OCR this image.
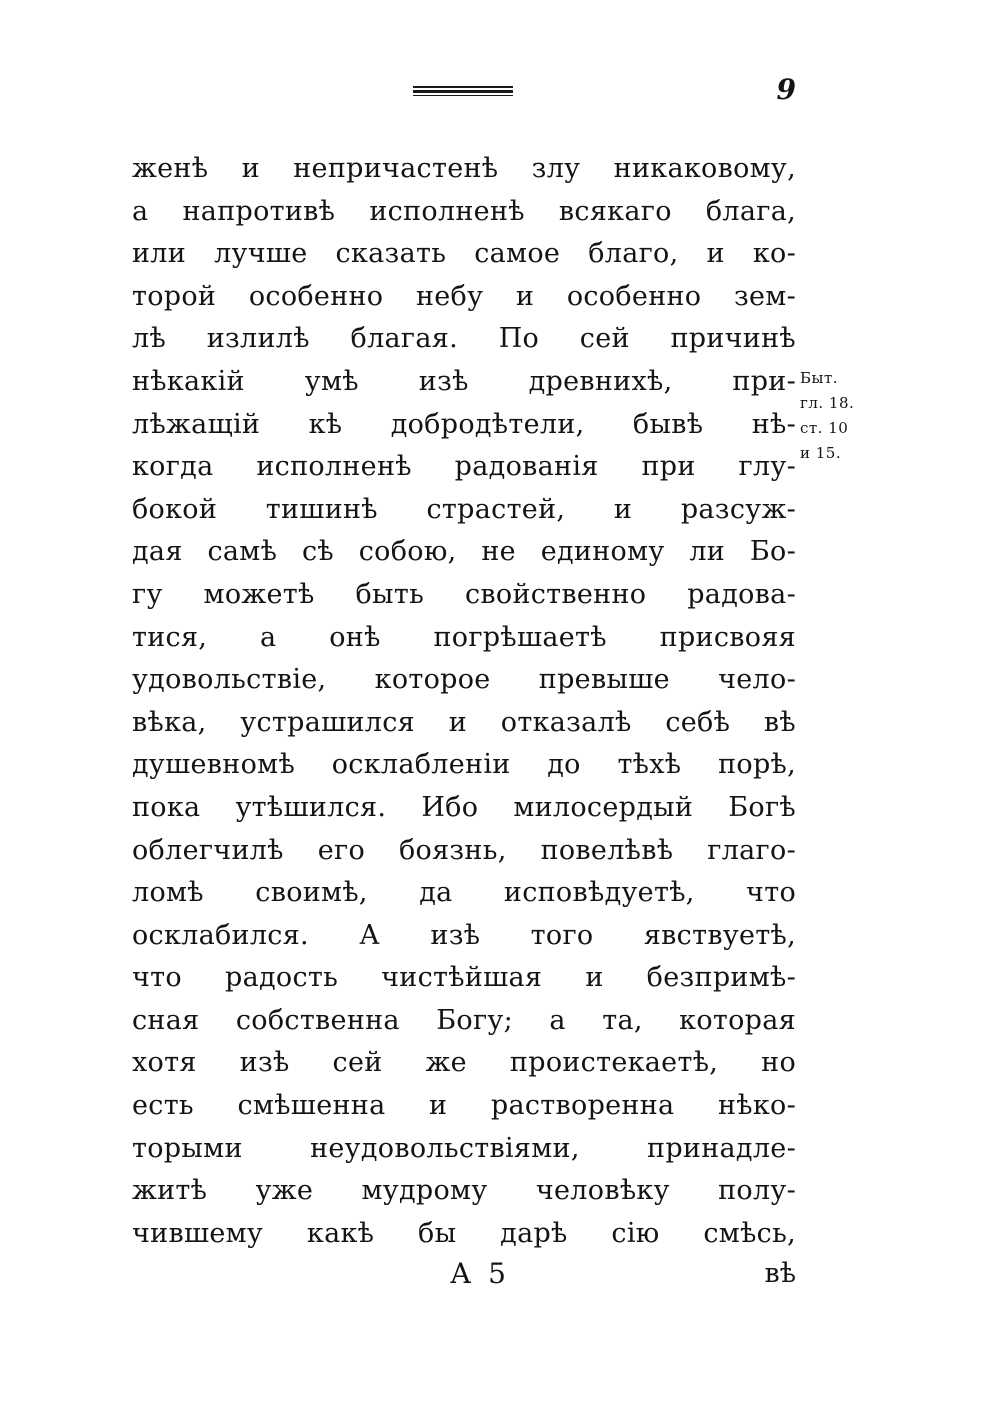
9
женѣ и непричастенѣ злу никаковому,
а напротивѣ исполненѣ всякаго блага,
или лучше сказать самое благо, и ко-
торой особенно небу и особенно зем-
лѣ излилѣ благая. По сей причинѣ
нѣкакій умѣ изѣ древнихѣ, при-
лѣжащій кѣ добродѣтели, бывѣ нѣ-
когда исполненѣ радованія при глу-
бокой тишинѣ страстей, и разсуж-
дая самѣ сѣ собою, не единому ли Бо-
гу можетѣ быть свойственно радова-
тися, а онѣ погрѣшаетѣ присвояя
удовольствіе, которое превыше чело-
вѣка, устрашился и отказалѣ себѣ вѣ
душевномѣ осклабленіи до тѣхѣ порѣ,
пока утѣшился. Ибо милосердый Богѣ
облегчилѣ его боязнь, повелѣвѣ глаго-
ломѣ своимѣ, да исповѣдуетѣ, что
осклабился. А изѣ того явствуетѣ,
что радость чистѣйшая и безпримѣ-
сная собственна Богу; а та, которая
хотя изѣ сей же проистекаетѣ, но
есть смѣшенна и растворенна нѣко-
торыми неудовольствіями, принадле-
житѣ уже мудрому человѣку полу-
чившему какѣ бы дарѣ сію смѣсь,
Быт.
гл. 18.
ст. 10
и 15.
А 5	вѣ
